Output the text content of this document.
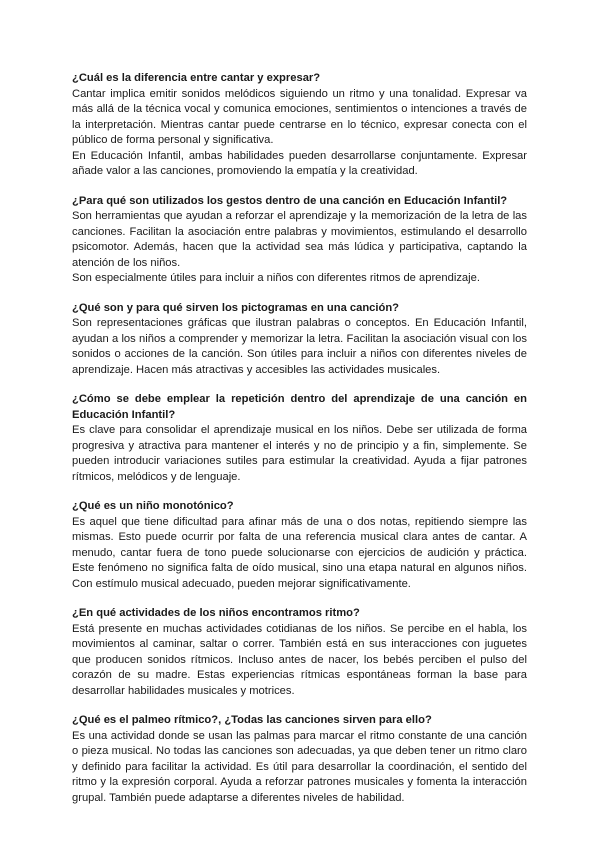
¿Cuál es la diferencia entre cantar y expresar?

Cantar implica emitir sonidos melódicos siguiendo un ritmo y una tonalidad. Expresar va más allá de la técnica vocal y comunica emociones, sentimientos o intenciones a través de la interpretación. Mientras cantar puede centrarse en lo técnico, expresar conecta con el público de forma personal y significativa.

En Educación Infantil, ambas habilidades pueden desarrollarse conjuntamente. Expresar añade valor a las canciones, promoviendo la empatía y la creatividad.

¿Para qué son utilizados los gestos dentro de una canción en Educación Infantil?

Son herramientas que ayudan a reforzar el aprendizaje y la memorización de la letra de las canciones. Facilitan la asociación entre palabras y movimientos, estimulando el desarrollo psicomotor. Además, hacen que la actividad sea más lúdica y participativa, captando la atención de los niños.

Son especialmente útiles para incluir a niños con diferentes ritmos de aprendizaje.

¿Qué son y para qué sirven los pictogramas en una canción?

Son representaciones gráficas que ilustran palabras o conceptos. En Educación Infantil, ayudan a los niños a comprender y memorizar la letra. Facilitan la asociación visual con los sonidos o acciones de la canción. Son útiles para incluir a niños con diferentes niveles de aprendizaje. Hacen más atractivas y accesibles las actividades musicales.

¿Cómo se debe emplear la repetición dentro del aprendizaje de una canción en Educación Infantil?

Es clave para consolidar el aprendizaje musical en los niños. Debe ser utilizada de forma progresiva y atractiva para mantener el interés y no de principio y a fin, simplemente. Se pueden introducir variaciones sutiles para estimular la creatividad. Ayuda a fijar patrones rítmicos, melódicos y de lenguaje.

¿Qué es un niño monotónico?

Es aquel que tiene dificultad para afinar más de una o dos notas, repitiendo siempre las mismas. Esto puede ocurrir por falta de una referencia musical clara antes de cantar. A menudo, cantar fuera de tono puede solucionarse con ejercicios de audición y práctica. Este fenómeno no significa falta de oído musical, sino una etapa natural en algunos niños. Con estímulo musical adecuado, pueden mejorar significativamente.

¿En qué actividades de los niños encontramos ritmo?

Está presente en muchas actividades cotidianas de los niños. Se percibe en el habla, los movimientos al caminar, saltar o correr. También está en sus interacciones con juguetes que producen sonidos rítmicos. Incluso antes de nacer, los bebés perciben el pulso del corazón de su madre. Estas experiencias rítmicas espontáneas forman la base para desarrollar habilidades musicales y motrices.

¿Qué es el palmeo rítmico?, ¿Todas las canciones sirven para ello?

Es una actividad donde se usan las palmas para marcar el ritmo constante de una canción o pieza musical. No todas las canciones son adecuadas, ya que deben tener un ritmo claro y definido para facilitar la actividad. Es útil para desarrollar la coordinación, el sentido del ritmo y la expresión corporal. Ayuda a reforzar patrones musicales y fomenta la interacción grupal. También puede adaptarse a diferentes niveles de habilidad.
